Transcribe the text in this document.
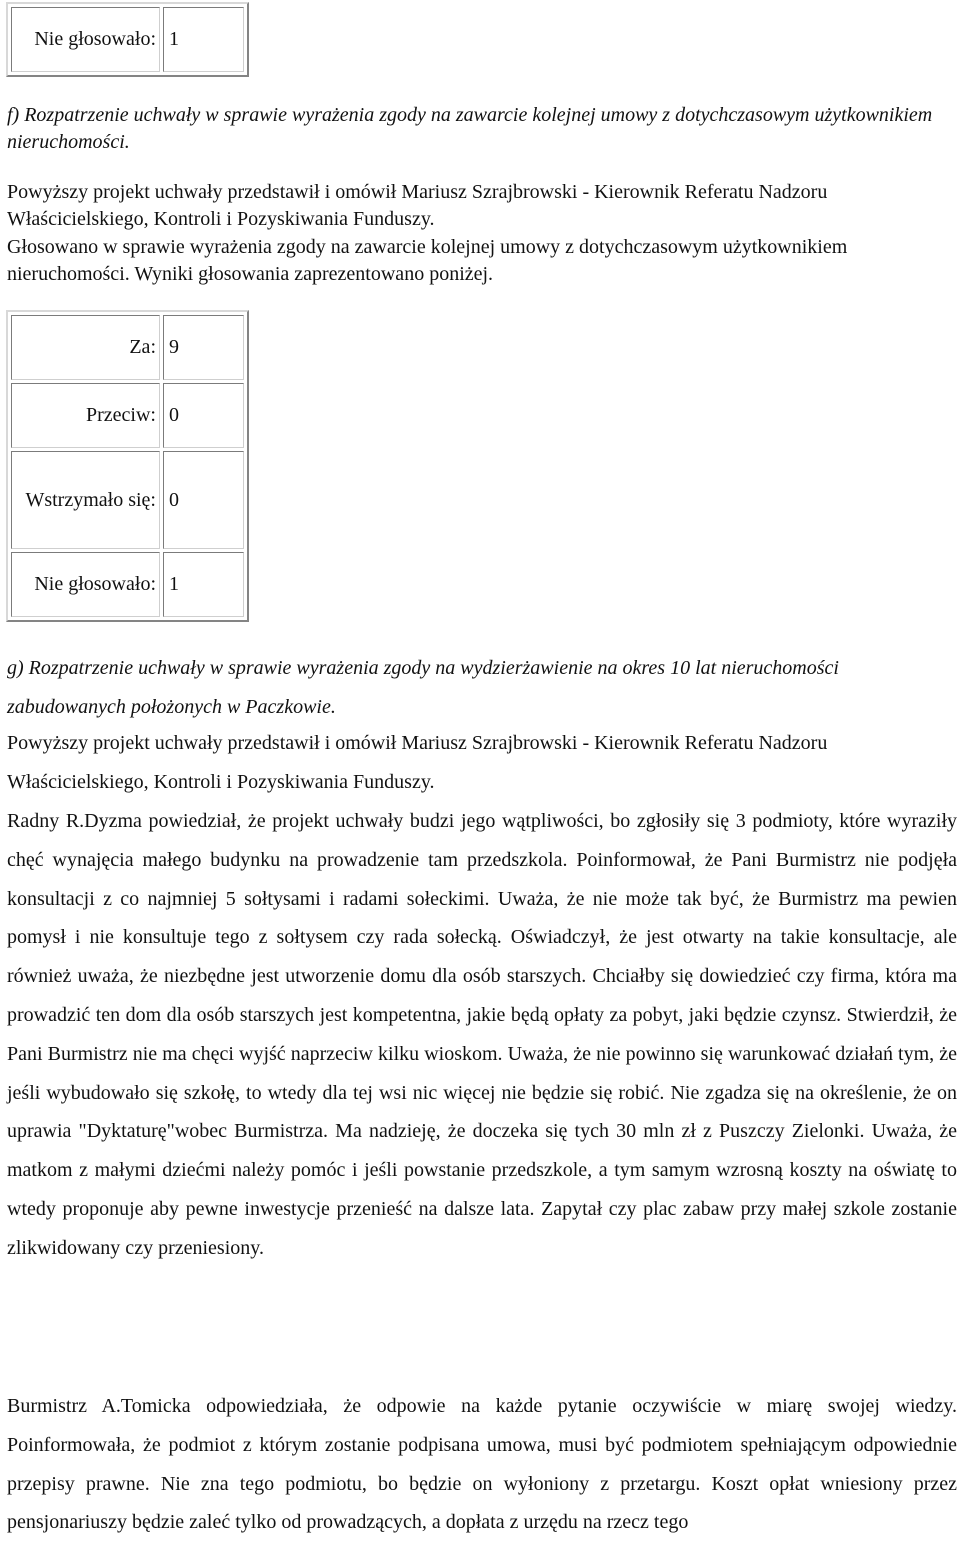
Nie głosowało:	1

f) Rozpatrzenie uchwały w sprawie wyrażenia zgody na zawarcie kolejnej umowy z dotychczasowym użytkownikiem nieruchomości.

Powyższy projekt uchwały przedstawił i omówił Mariusz Szrajbrowski - Kierownik Referatu Nadzoru Właścicielskiego, Kontroli i Pozyskiwania Funduszy.

Głosowano w sprawie wyrażenia zgody na zawarcie kolejnej umowy z dotychczasowym użytkownikiem nieruchomości. Wyniki głosowania zaprezentowano poniżej.

Za:	9
Przeciw:	0
Wstrzymało się:	0
Nie głosowało:	1

g) Rozpatrzenie uchwały w sprawie wyrażenia zgody na wydzierżawienie na okres 10 lat nieruchomości zabudowanych położonych w Paczkowie.

Powyższy projekt uchwały przedstawił i omówił Mariusz Szrajbrowski - Kierownik Referatu Nadzoru Właścicielskiego, Kontroli i Pozyskiwania Funduszy.

Radny R.Dyzma powiedział, że projekt uchwały budzi jego wątpliwości, bo zgłosiły się 3 podmioty, które wyraziły chęć wynajęcia małego budynku na prowadzenie tam przedszkola. Poinformował, że Pani Burmistrz nie podjęła konsultacji z co najmniej 5 sołtysami i radami sołeckimi. Uważa, że nie może tak być, że Burmistrz ma pewien pomysł i nie konsultuje tego z sołtysem czy rada sołecką. Oświadczył, że jest otwarty na takie konsultacje, ale również uważa, że niezbędne jest utworzenie domu dla osób starszych. Chciałby się dowiedzieć czy firma, która ma prowadzić ten dom dla osób starszych jest kompetentna, jakie będą opłaty za pobyt, jaki będzie czynsz. Stwierdził, że Pani Burmistrz nie ma chęci wyjść naprzeciw kilku wioskom. Uważa, że nie powinno się warunkować działań tym, że jeśli wybudowało się szkołę, to wtedy dla tej wsi nic więcej nie będzie się robić. Nie zgadza się na określenie, że on uprawia "Dyktaturę"wobec Burmistrza. Ma nadzieję, że doczeka się tych 30 mln zł z Puszczy Zielonki. Uważa, że matkom z małymi dziećmi należy pomóc i jeśli powstanie przedszkole, a tym samym wzrosną koszty na oświatę to wtedy proponuje aby pewne inwestycje przenieść na dalsze lata. Zapytał czy plac zabaw przy małej szkole zostanie zlikwidowany czy przeniesiony.

Burmistrz A.Tomicka odpowiedziała, że odpowie na każde pytanie oczywiście w miarę swojej wiedzy. Poinformowała, że podmiot z którym zostanie podpisana umowa, musi być podmiotem spełniającym odpowiednie przepisy prawne. Nie zna tego podmiotu, bo będzie on wyłoniony z przetargu. Koszt opłat wniesiony przez pensjonariuszy będzie zaleć tylko od prowadzących, a dopłata z urzędu na rzecz tego
